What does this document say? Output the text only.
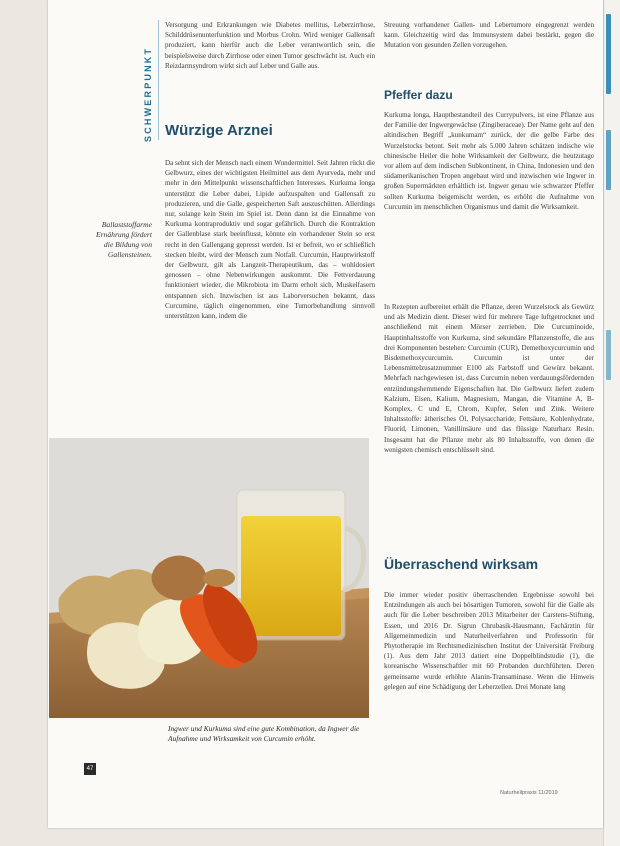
SCHWERPUNKT

Versorgung und Erkrankungen wie Diabetes mellitus, Leberzirrhose, Schilddrüsenunterfunktion und Morbus Crohn. Wird weniger Gallensaft produziert, kann hierfür auch die Leber verantwortlich sein, die beispielsweise durch Zirrhose oder einen Tumor geschwächt ist. Auch ein Reizdarmsyndrom wirkt sich auf Leber und Galle aus.

Würzige Arznei

Da sehnt sich der Mensch nach einem Wundermittel. Seit Jahren rückt die Gelbwurz, eines der wichtigsten Heilmittel aus dem Ayurveda, mehr und mehr in den Mittelpunkt wissenschaftlichen Interesses. Kurkuma longa unterstützt die Leber dabei, Lipide aufzuspalten und Gallensaft zu produzieren, und die Galle, gespeicherten Saft auszuschütten. Allerdings nur, solange kein Stein im Spiel ist. Denn dann ist die Einnahme von Kurkuma kontraproduktiv und sogar gefährlich. Durch die Kontraktion der Gallenblase stark beeinflusst, könnte ein vorhandener Stein so erst recht in den Gallengang gepresst werden. Ist er befreit, wo er schließlich stecken bleibt, wird der Mensch zum Notfall. Curcumin, Hauptwirkstoff der Gelbwurz, gilt als Langzeit-Therapeutikum, das – wohldosiert genossen – ohne Nebenwirkungen auskommt. Die Fettverdauung funktioniert wieder, die Mikrobiota im Darm erholt sich, Muskelfasern entspannen sich. Inzwischen ist aus Laborversuchen bekannt, dass Curcumine, täglich eingenommen, eine Tumorbehandlung sinnvoll unterstützen kann, indem die

Ballaststoffarme Ernährung fördert die Bildung von Gallensteinen.
Ingwer und Kurkuma sind eine gute Kombination, da Ingwer die Aufnahme und Wirksamkeit von Curcumin erhöht.

Streuung vorhandener Gallen- und Lebertumore eingegrenzt werden kann. Gleichzeitig wird das Immunsystem dabei bestärkt, gegen die Mutation von gesunden Zellen vorzugehen.

Pfeffer dazu

Kurkuma longa, Hauptbestandteil des Currypulvers, ist eine Pflanze aus der Familie der Ingwergewächse (Zingiberaceae). Der Name geht auf den altindischen Begriff „kunkumam“ zurück, der die gelbe Farbe des Wurzelstocks betont. Seit mehr als 5.000 Jahren schätzen indische wie chinesische Heiler die hohe Wirksamkeit der Gelbwurz, die heutzutage vor allem auf dem indischen Subkontinent, in China, Indonesien und den südamerikanischen Tropen angebaut wird und inzwischen wie Ingwer in großen Supermärkten erhältlich ist. Ingwer genau wie schwarzer Pfeffer sollten Kurkuma beigemischt werden, es erhöht die Aufnahme von Curcumin im menschlichen Organismus und damit die Wirksamkeit.

In Rezepten aufbereitet erhält die Pflanze, deren Wurzelstock als Gewürz und als Medizin dient. Dieser wird für mehrere Tage luftgetrocknet und anschließend mit einem Mörser zerrieben. Die Curcuminoide, Hauptinhaltsstoffe von Kurkuma, sind sekundäre Pflanzenstoffe, die aus drei Komponenten bestehen: Curcumin (CUR), Demethoxycurcumin und Bisdemethoxycurcumin. Curcumin ist unter der Lebensmittelzusatznummer E100 als Farbstoff und Gewürz bekannt. Mehrfach nachgewiesen ist, dass Curcumin neben verdauungsfördernden entzündungshemmende Eigenschaften hat. Die Gelbwurz liefert zudem Kalzium, Eisen, Kalium, Magnesium, Mangan, die Vitamine A, B-Komplex, C und E, Chrom, Kupfer, Selen und Zink. Weitere Inhaltsstoffe: ätherisches Öl, Polysaccharide, Fettsäure, Kohlenhydrate, Fluorid, Limonen, Vanillinsäure und das flüssige Naturharz Resin. Insgesamt hat die Pflanze mehr als 80 Inhaltsstoffe, von denen die wenigsten chemisch entschlüsselt sind.

Überraschend wirksam

Die immer wieder positiv überraschenden Ergebnisse sowohl bei Entzündungen als auch bei bösartigen Tumoren, sowohl für die Galle als auch für die Leber beschreiben 2013 Mitarbeiter der Carstens-Stiftung, Essen, und 2016 Dr. Sigrun Chrubasik-Hausmann, Fachärztin für Allgemeinmedizin und Naturheilverfahren und Professorin für Phytotherapie im Rechtsmedizinischen Institut der Universität Freiburg (1). Aus dem Jahr 2013 datiert eine Doppelblindstudie (1), die koreanische Wissenschaftler mit 60 Probanden durchführten. Deren gemeinsame wurde erhöhte Alanin-Transaminase. Wenn die Hinweis gelegen auf eine Schädigung der Leberzellen. Drei Monate lang

47
Naturheilpraxis 11/2019
